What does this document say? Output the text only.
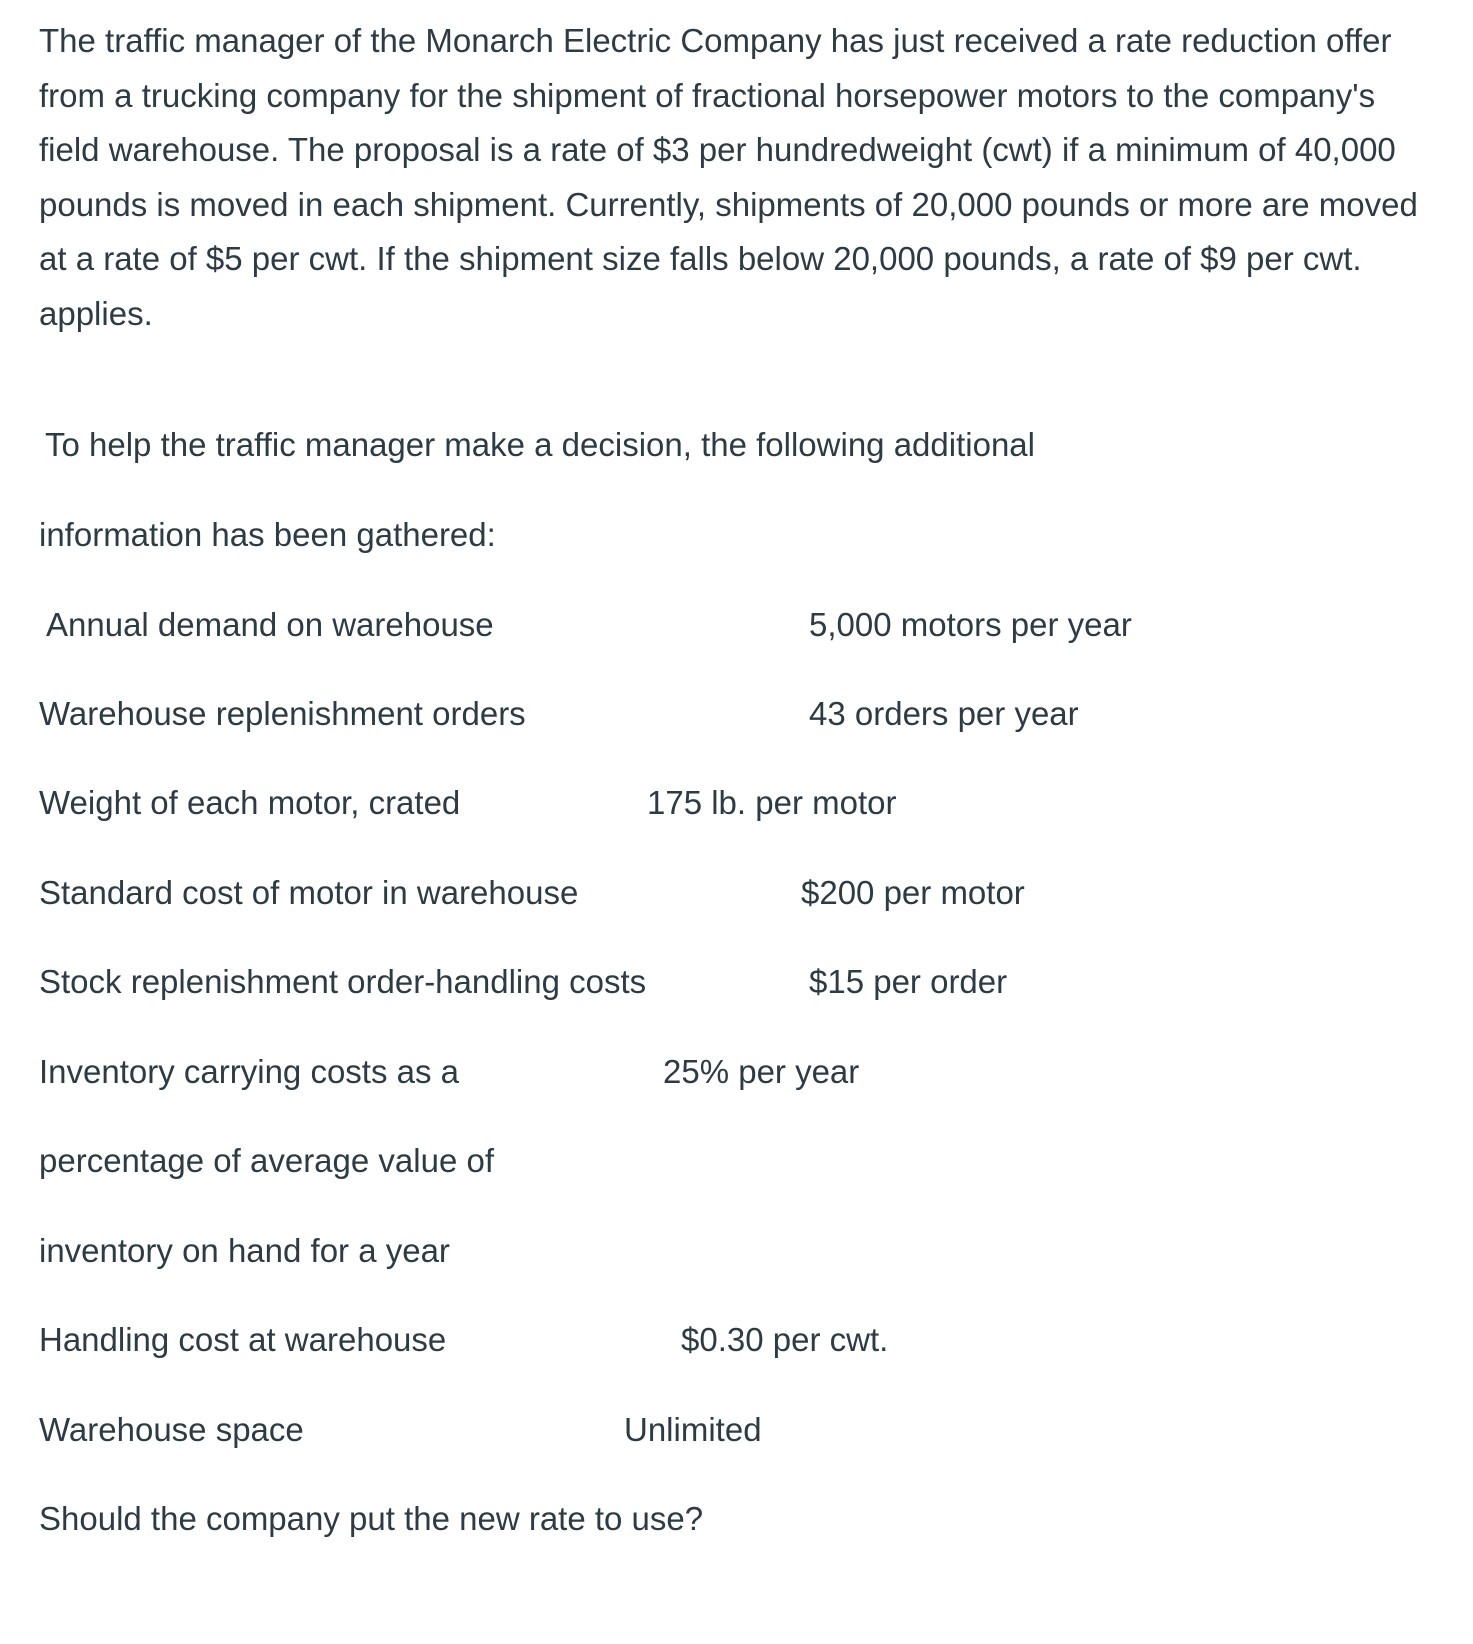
The traffic manager of the Monarch Electric Company has just received a rate reduction offer from a trucking company for the shipment of fractional horsepower motors to the company's field warehouse. The proposal is a rate of $3 per hundredweight (cwt) if a minimum of 40,000 pounds is moved in each shipment. Currently, shipments of 20,000 pounds or more are moved at a rate of $5 per cwt. If the shipment size falls below 20,000 pounds, a rate of $9 per cwt. applies.

To help the traffic manager make a decision, the following additional

information has been gathered:

Annual demand on warehouse	5,000 motors per year

Warehouse replenishment orders	43 orders per year

Weight of each motor, crated	175 lb. per motor

Standard cost of motor in warehouse	$200 per motor

Stock replenishment order-handling costs	$15 per order

Inventory carrying costs as a	25% per year

percentage of average value of

inventory on hand for a year

Handling cost at warehouse	$0.30 per cwt.

Warehouse space	Unlimited

Should the company put the new rate to use?
